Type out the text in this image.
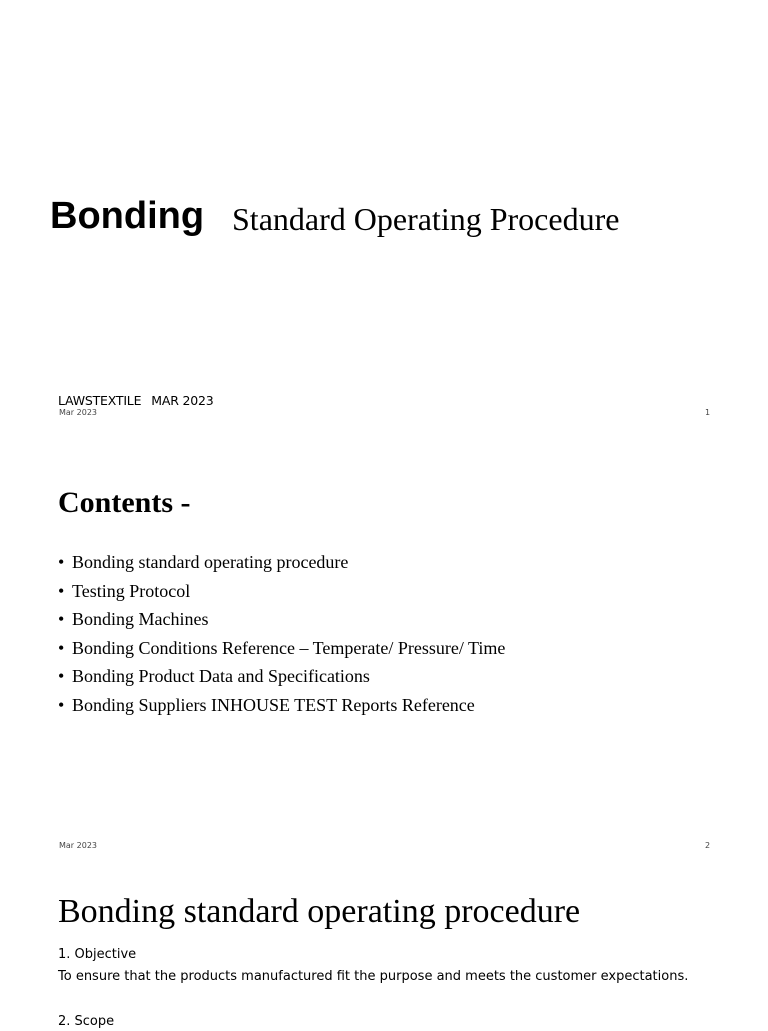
Bonding Standard Operating Procedure
LAWSTEXTILE MAR 2023
Mar 2023	1
Contents -
• Bonding standard operating procedure
• Testing Protocol
• Bonding Machines
• Bonding Conditions Reference – Temperate/ Pressure/ Time
• Bonding Product Data and Specifications
• Bonding Suppliers INHOUSE TEST Reports Reference
Mar 2023	2
Bonding standard operating procedure
1. Objective
To ensure that the products manufactured fit the purpose and meets the customer expectations.
2. Scope
